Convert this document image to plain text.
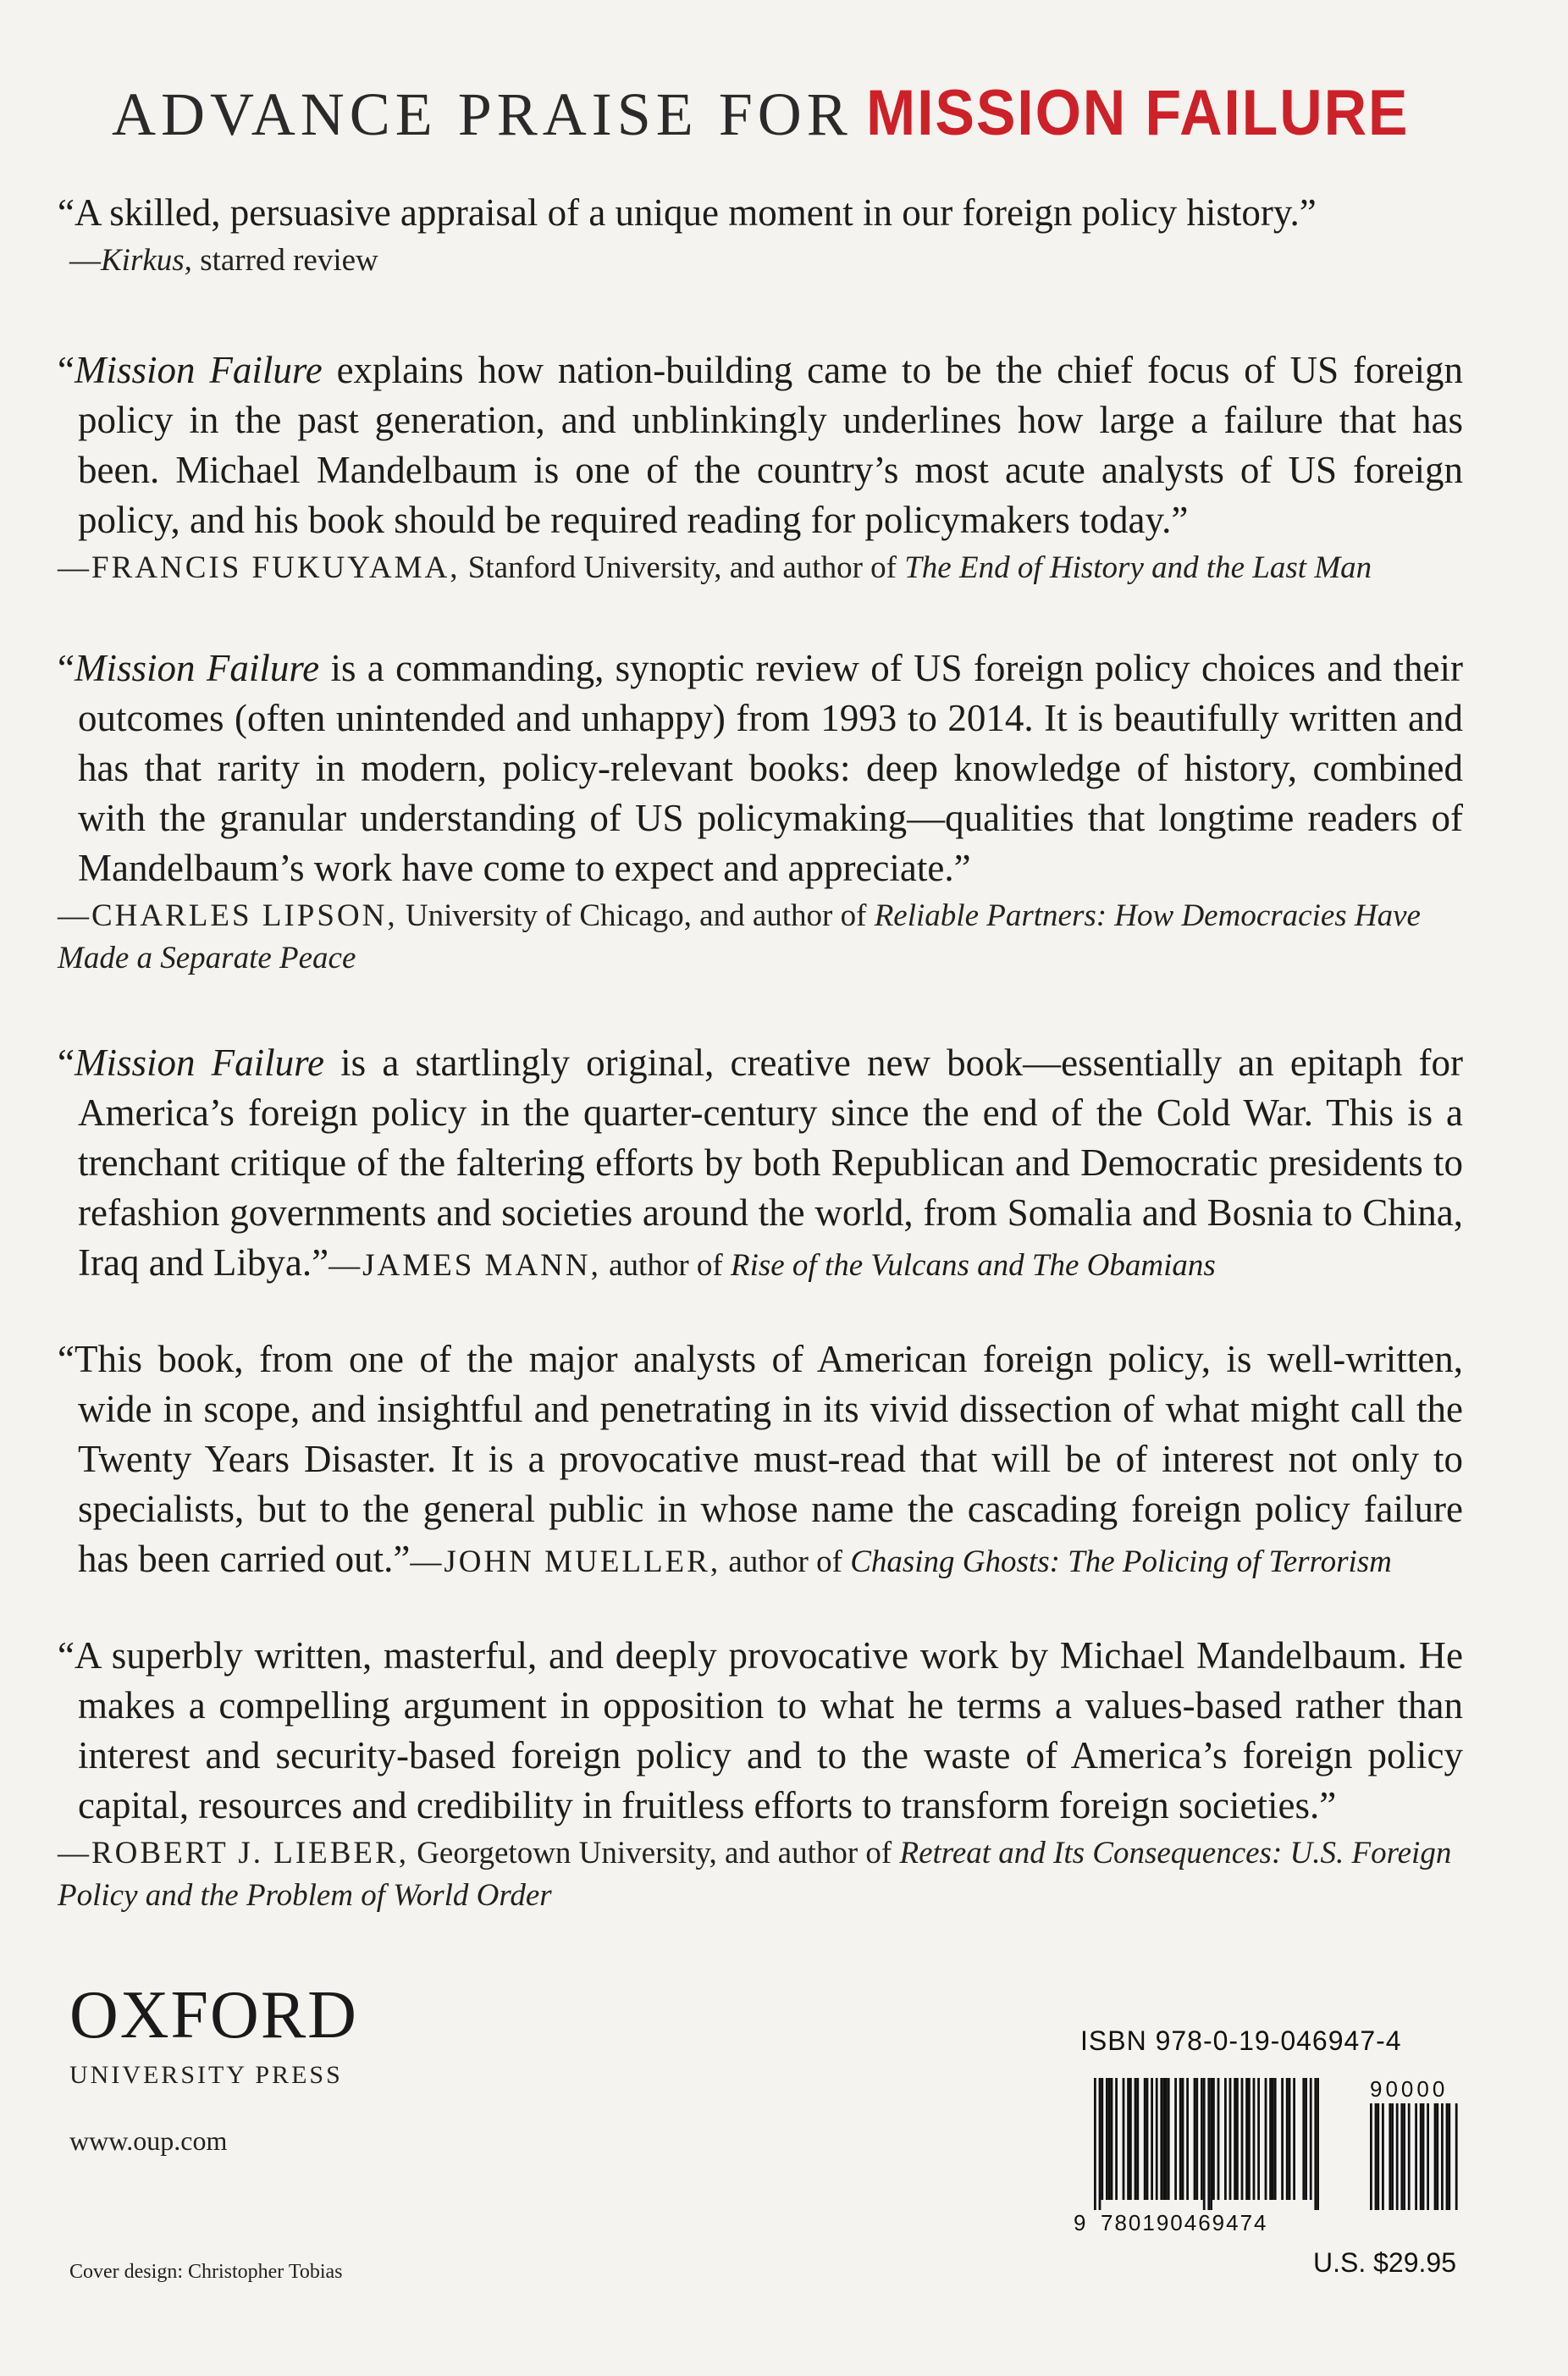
ADVANCE PRAISE FOR MISSION FAILURE

“A skilled, persuasive appraisal of a unique moment in our foreign policy history.”

—Kirkus, starred review

“Mission Failure explains how nation-building came to be the chief focus of US foreign policy in the past generation, and unblinkingly underlines how large a failure that has been. Michael Mandelbaum is one of the country’s most acute analysts of US foreign policy, and his book should be required reading for policymakers today.”

—FRANCIS FUKUYAMA, Stanford University, and author of The End of History and the Last Man

“Mission Failure is a commanding, synoptic review of US foreign policy choices and their outcomes (often unintended and unhappy) from 1993 to 2014. It is beautifully written and has that rarity in modern, policy-relevant books: deep knowledge of history, combined with the granular understanding of US policymaking—qualities that longtime readers of Mandelbaum’s work have come to expect and appreciate.”

—CHARLES LIPSON, University of Chicago, and author of Reliable Partners: How Democracies Have Made a Separate Peace

“Mission Failure is a startlingly original, creative new book—essentially an epitaph for America’s foreign policy in the quarter-century since the end of the Cold War. This is a trenchant critique of the faltering efforts by both Republican and Democratic presidents to refashion governments and societies around the world, from Somalia and Bosnia to China, Iraq and Libya.”—JAMES MANN, author of Rise of the Vulcans and The Obamians

“This book, from one of the major analysts of American foreign policy, is well-written, wide in scope, and insightful and penetrating in its vivid dissection of what might call the Twenty Years Disaster. It is a provocative must-read that will be of interest not only to specialists, but to the general public in whose name the cascading foreign policy failure has been carried out.”—JOHN MUELLER, author of Chasing Ghosts: The Policing of Terrorism

“A superbly written, masterful, and deeply provocative work by Michael Mandelbaum. He makes a compelling argument in opposition to what he terms a values-based rather than interest and security-based foreign policy and to the waste of America’s foreign policy capital, resources and credibility in fruitless efforts to transform foreign societies.”

—ROBERT J. LIEBER, Georgetown University, and author of Retreat and Its Consequences: U.S. Foreign Policy and the Problem of World Order

OXFORD
UNIVERSITY PRESS
www.oup.com
Cover design: Christopher Tobias
ISBN 978-0-19-046947-4
9 780190469474
90000
U.S. $29.95
